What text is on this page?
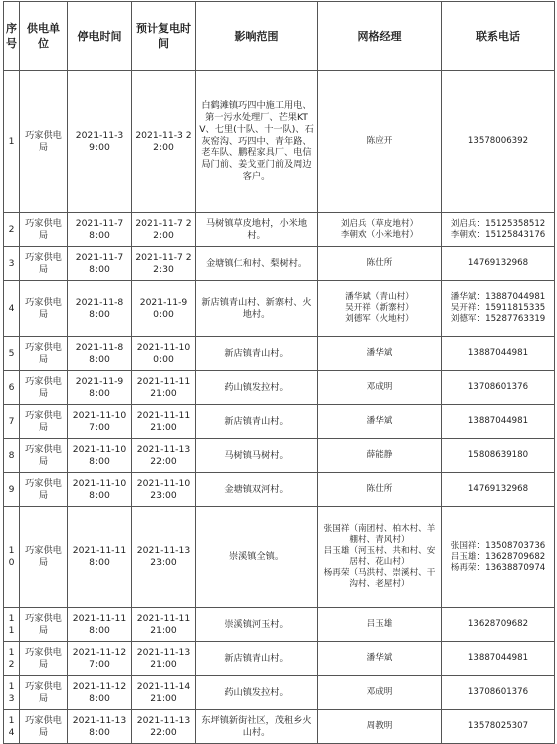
序号	供电单位	停电时间	预计复电时间	影响范围	网格经理	联系电话
1	巧家供电局	2021-11-3 9:00	2021-11-3 22:00	白鹤滩镇巧四中施工用电、第一污水处理厂、芒果KTV、七里(十队、十一队)、石灰窑沟、巧四中、青年路、老车队、鹏程家具厂、电信局门前、姜戈亚门前及周边客户。	陈应开	13578006392
2	巧家供电局	2021-11-7 8:00	2021-11-7 22:00	马树镇草皮地村，小米地村。	刘启兵（草皮地村）
李朝欢（小米地村）	刘启兵：15125358512
李朝欢：15125843176
3	巧家供电局	2021-11-7 8:00	2021-11-7 22:30	金塘镇仁和村、梨树村。	陈仕所	14769132968
4	巧家供电局	2021-11-8 8:00	2021-11-9 0:00	新店镇青山村、新寨村、火地村。	潘华斌（青山村）
吴开祥（新寨村）
刘德军（火地村）	潘华斌：13887044981
吴开祥：15911815335
刘德军：15287763319
5	巧家供电局	2021-11-8 8:00	2021-11-10 0:00	新店镇青山村。	潘华斌	13887044981
6	巧家供电局	2021-11-9 8:00	2021-11-11 21:00	药山镇发拉村。	邓成明	13708601376
7	巧家供电局	2021-11-10 7:00	2021-11-11 21:00	新店镇青山村。	潘华斌	13887044981
8	巧家供电局	2021-11-10 8:00	2021-11-13 22:00	马树镇马树村。	薛能静	15808639180
9	巧家供电局	2021-11-10 8:00	2021-11-10 23:00	金塘镇双河村。	陈仕所	14769132968
10	巧家供电局	2021-11-11 8:00	2021-11-13 23:00	崇溪镇全镇。	张国祥（南团村、柏木村、羊棚村、青风村）
吕玉雄（河玉村、共和村、安居村、花山村）
杨再荣（马洪村、崇溪村、干沟村、老屋村）	张国祥：13508703736
吕玉雄：13628709682
杨再荣：13638870974
11	巧家供电局	2021-11-11 8:00	2021-11-11 21:00	崇溪镇河玉村。	吕玉雄	13628709682
12	巧家供电局	2021-11-12 7:00	2021-11-13 21:00	新店镇青山村。	潘华斌	13887044981
13	巧家供电局	2021-11-12 8:00	2021-11-14 21:00	药山镇发拉村。	邓成明	13708601376
14	巧家供电局	2021-11-13 8:00	2021-11-13 22:00	东坪镇新街社区，茂租乡火山村。	周教明	13578025307
